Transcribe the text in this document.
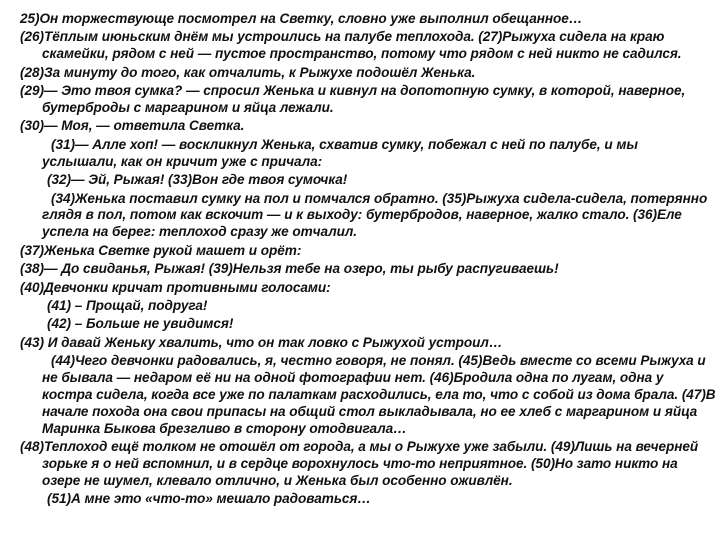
25)Он торжествующе посмотрел на Светку, словно уже выполнил обещанное…

(26)Тёплым июньским днём мы устроились на палубе теплохода. (27)Рыжуха сидела на краю скамейки, рядом с ней — пустое пространство, потому что рядом с ней никто не садился.

(28)За минуту до того, как отчалить, к Рыжухе подошёл Женька.

(29)— Это твоя сумка? — спросил Женька и кивнул на допотопную сумку, в которой, наверное, бутерброды с маргарином и яйца лежали.

(30)— Моя, — ответила Светка.

(31)— Алле хоп! — воскликнул Женька, схватив сумку, побежал с ней по палубе, и мы услышали, как он кричит уже с причала:

(32)— Эй, Рыжая! (33)Вон где твоя сумочка!

(34)Женька поставил сумку на пол и помчался обратно. (35)Рыжуха сидела-сидела, потерянно глядя в пол, потом как вскочит — и к выходу: бутербродов, наверное, жалко стало. (36)Еле успела на берег: теплоход сразу же отчалил.

(37)Женька Светке рукой машет и орёт:

(38)— До свиданья, Рыжая! (39)Нельзя тебе на озеро, ты рыбу распугиваешь!

(40)Девчонки кричат противными голосами:

(41) – Прощай, подруга!

(42) – Больше не увидимся!

(43) И давай Женьку хвалить, что он так ловко с Рыжухой устроил…

(44)Чего девчонки радовались, я, честно говоря, не понял. (45)Ведь вместе со всеми Рыжуха и не бывала — недаром её ни на одной фотографии нет. (46)Бродила одна по лугам, одна у костра сидела, когда все уже по палаткам расходились, ела то, что с собой из дома брала. (47)В начале похода она свои припасы на общий стол выкладывала, но ее хлеб с маргарином и яйца Маринка Быкова брезгливо в сторону отодвигала…

(48)Теплоход ещё толком не отошёл от города, а мы о Рыжухе уже забыли. (49)Лишь на вечерней зорьке я о ней вспомнил, и в сердце ворохнулось что-то неприятное. (50)Но зато никто на озере не шумел, клевало отлично, и Женька был особенно оживлён.

(51)А мне это «что-то» мешало радоваться…
